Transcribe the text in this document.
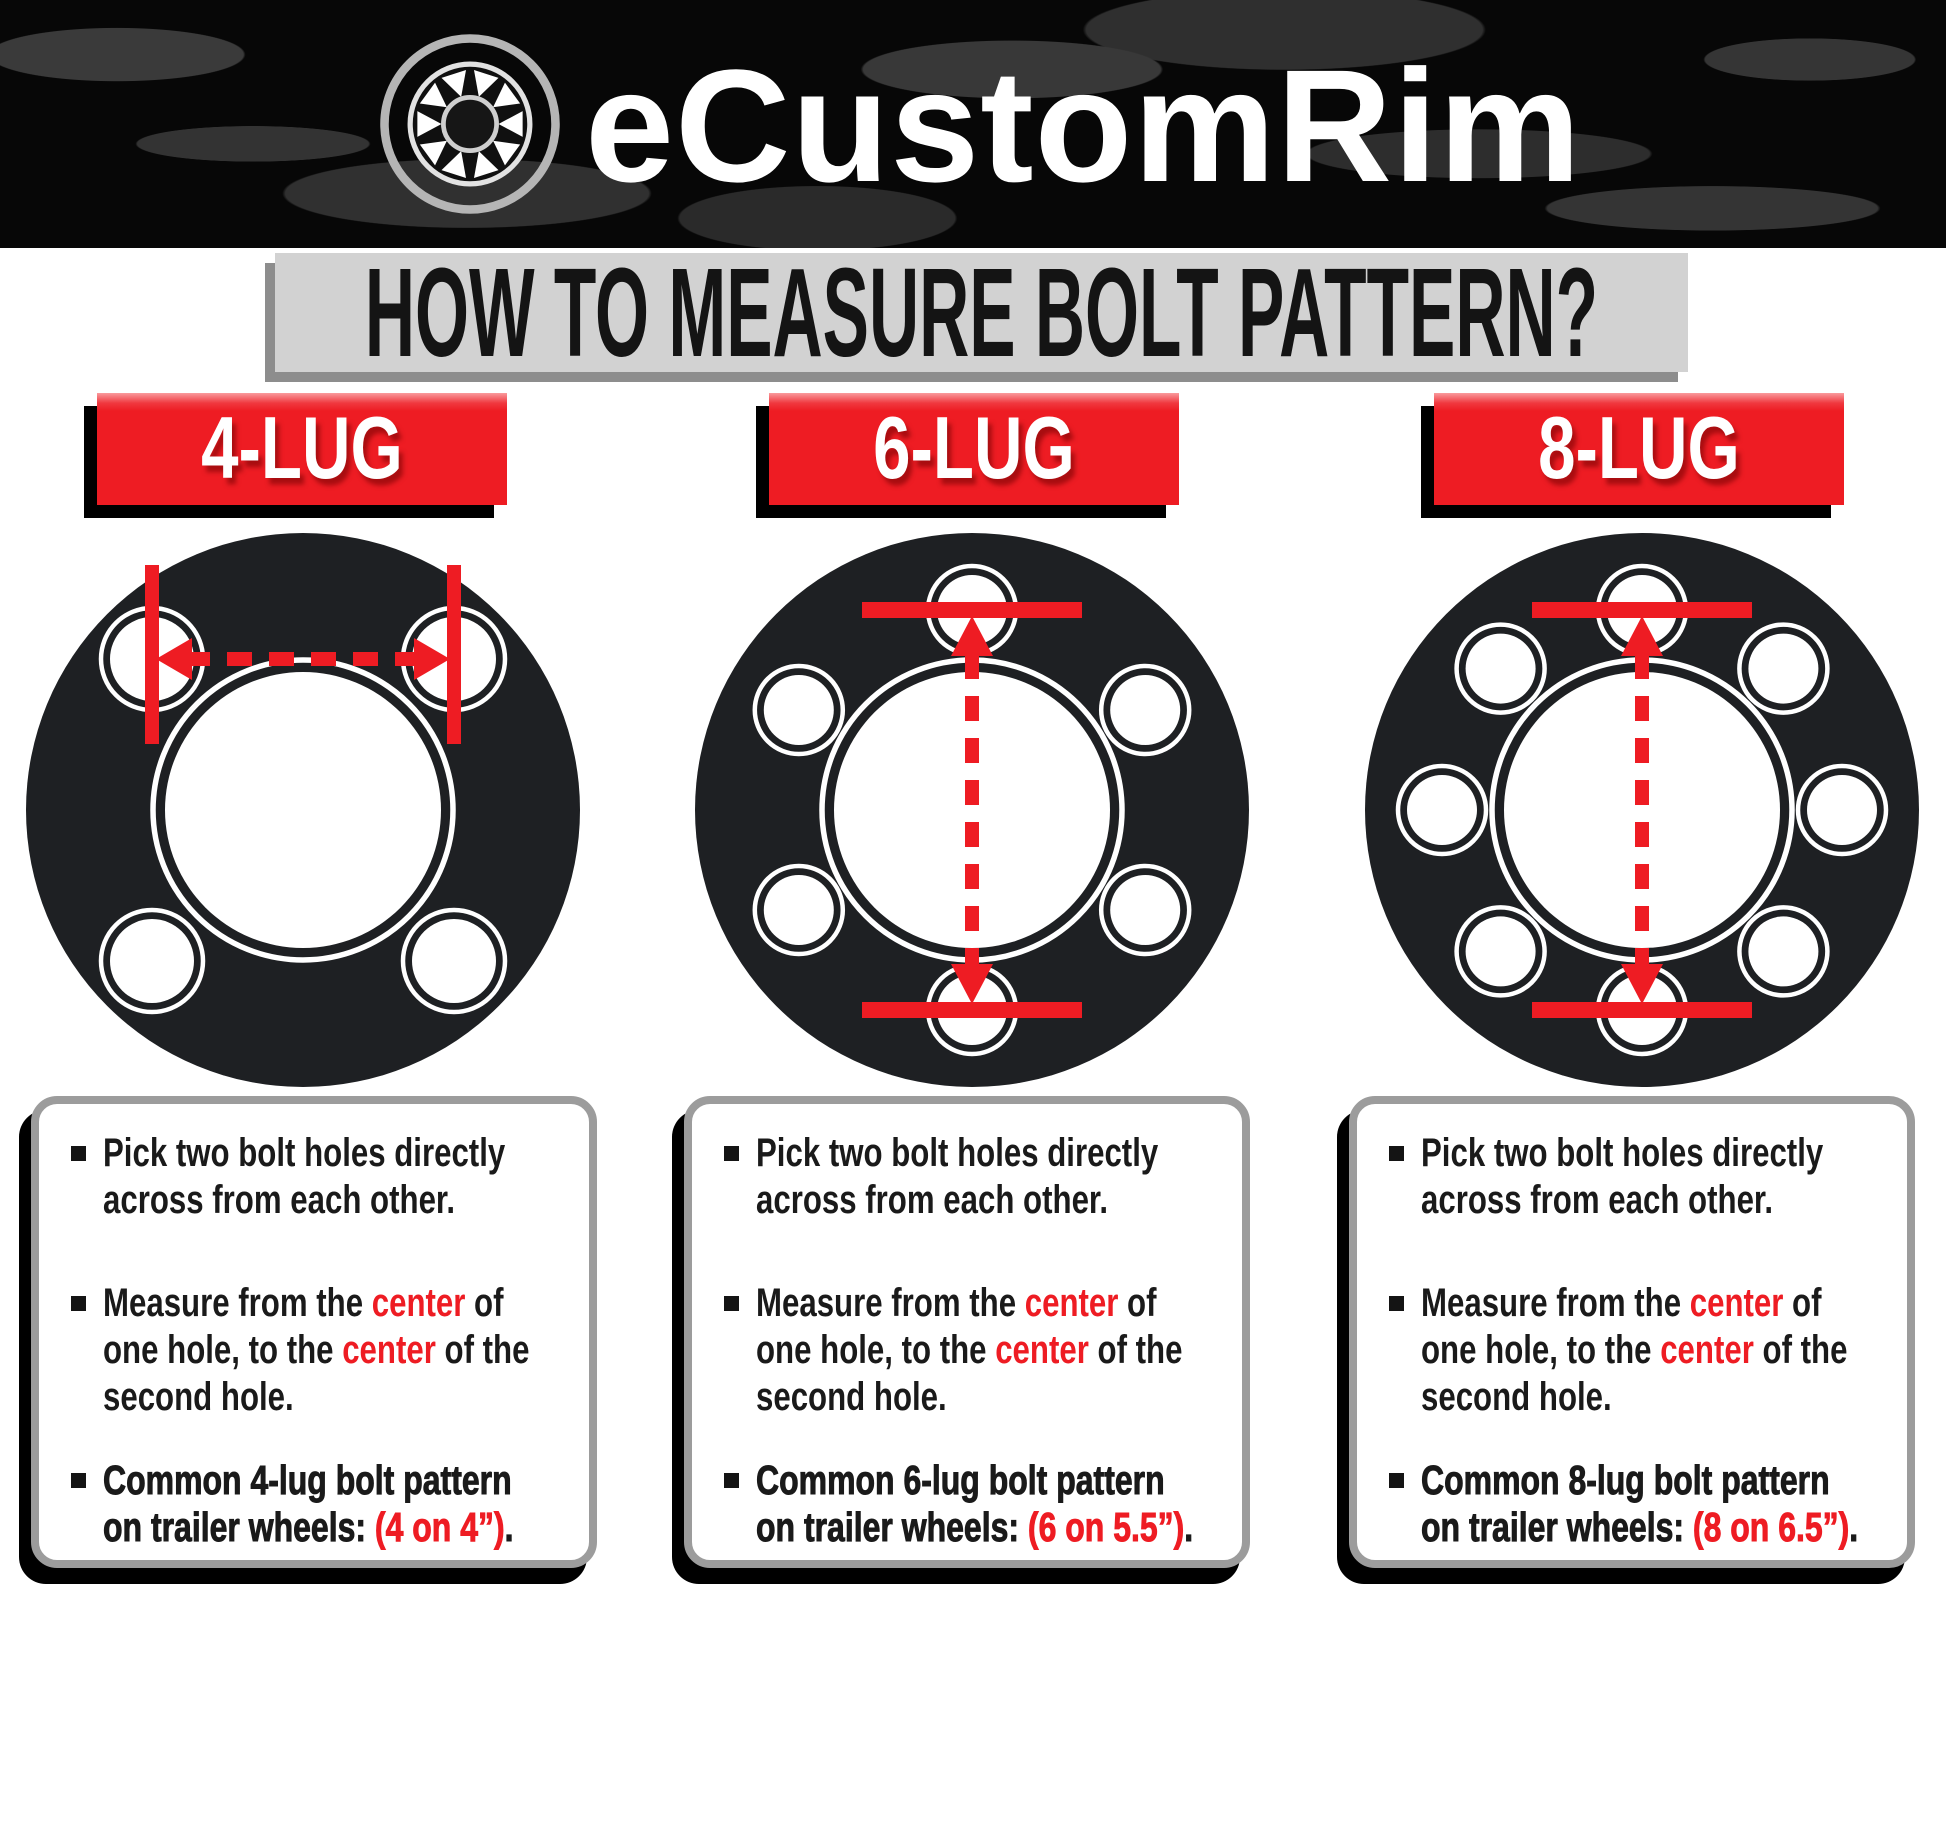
eCustomRim
HOW TO MEASURE BOLT PATTERN?
4-LUG	6-LUG	8-LUG
Pick two bolt holes directly
across from each other.
Measure from the center of
one hole, to the center of the
second hole.
Common 4-lug bolt pattern
on trailer wheels: (4 on 4”).
Pick two bolt holes directly
across from each other.
Measure from the center of
one hole, to the center of the
second hole.
Common 6-lug bolt pattern
on trailer wheels: (6 on 5.5”).
Pick two bolt holes directly
across from each other.
Measure from the center of
one hole, to the center of the
second hole.
Common 8-lug bolt pattern
on trailer wheels: (8 on 6.5”).
